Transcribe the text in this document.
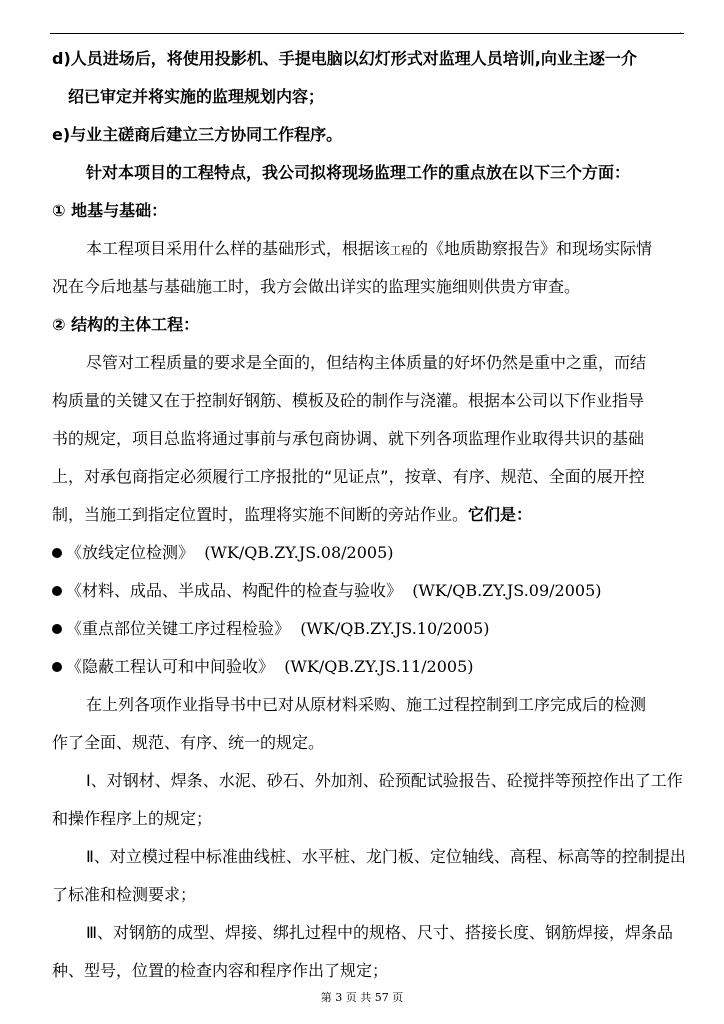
,
d)人员进场后，将使用投影机、手提电脑以幻灯形式对监理人员培训,向业主逐一介
绍已审定并将实施的监理规划内容；
e)与业主磋商后建立三方协同工作程序。
针对本项目的工程特点，我公司拟将现场监理工作的重点放在以下三个方面：
① 地基与基础：
本工程项目采用什么样的基础形式，根据该工程的《地质勘察报告》和现场实际情
况在今后地基与基础施工时，我方会做出详实的监理实施细则供贵方审查。
② 结构的主体工程：
尽管对工程质量的要求是全面的，但结构主体质量的好坏仍然是重中之重，而结
构质量的关键又在于控制好钢筋、模板及砼的制作与浇灌。根据本公司以下作业指导
书的规定，项目总监将通过事前与承包商协调、就下列各项监理作业取得共识的基础
上，对承包商指定必须履行工序报批的“见证点”，按章、有序、规范、全面的展开控
制，当施工到指定位置时，监理将实施不间断的旁站作业。它们是：
《放线定位检测》 (WK/QB.ZY.JS.08/2005)
《材料、成品、半成品、构配件的检查与验收》 (WK/QB.ZY.JS.09/2005)
《重点部位关键工序过程检验》 (WK/QB.ZY.JS.10/2005)
《隐蔽工程认可和中间验收》 (WK/QB.ZY.JS.11/2005)
在上列各项作业指导书中已对从原材料采购、施工过程控制到工序完成后的检测
作了全面、规范、有序、统一的规定。
Ⅰ、对钢材、焊条、水泥、砂石、外加剂、砼预配试验报告、砼搅拌等预控作出了工作
和操作程序上的规定；
Ⅱ、对立模过程中标准曲线桩、水平桩、龙门板、定位轴线、高程、标高等的控制提出
了标准和检测要求；
Ⅲ、对钢筋的成型、焊接、绑扎过程中的规格、尺寸、搭接长度、钢筋焊接，焊条品
种、型号，位置的检查内容和程序作出了规定；
第 3 页 共 57 页
